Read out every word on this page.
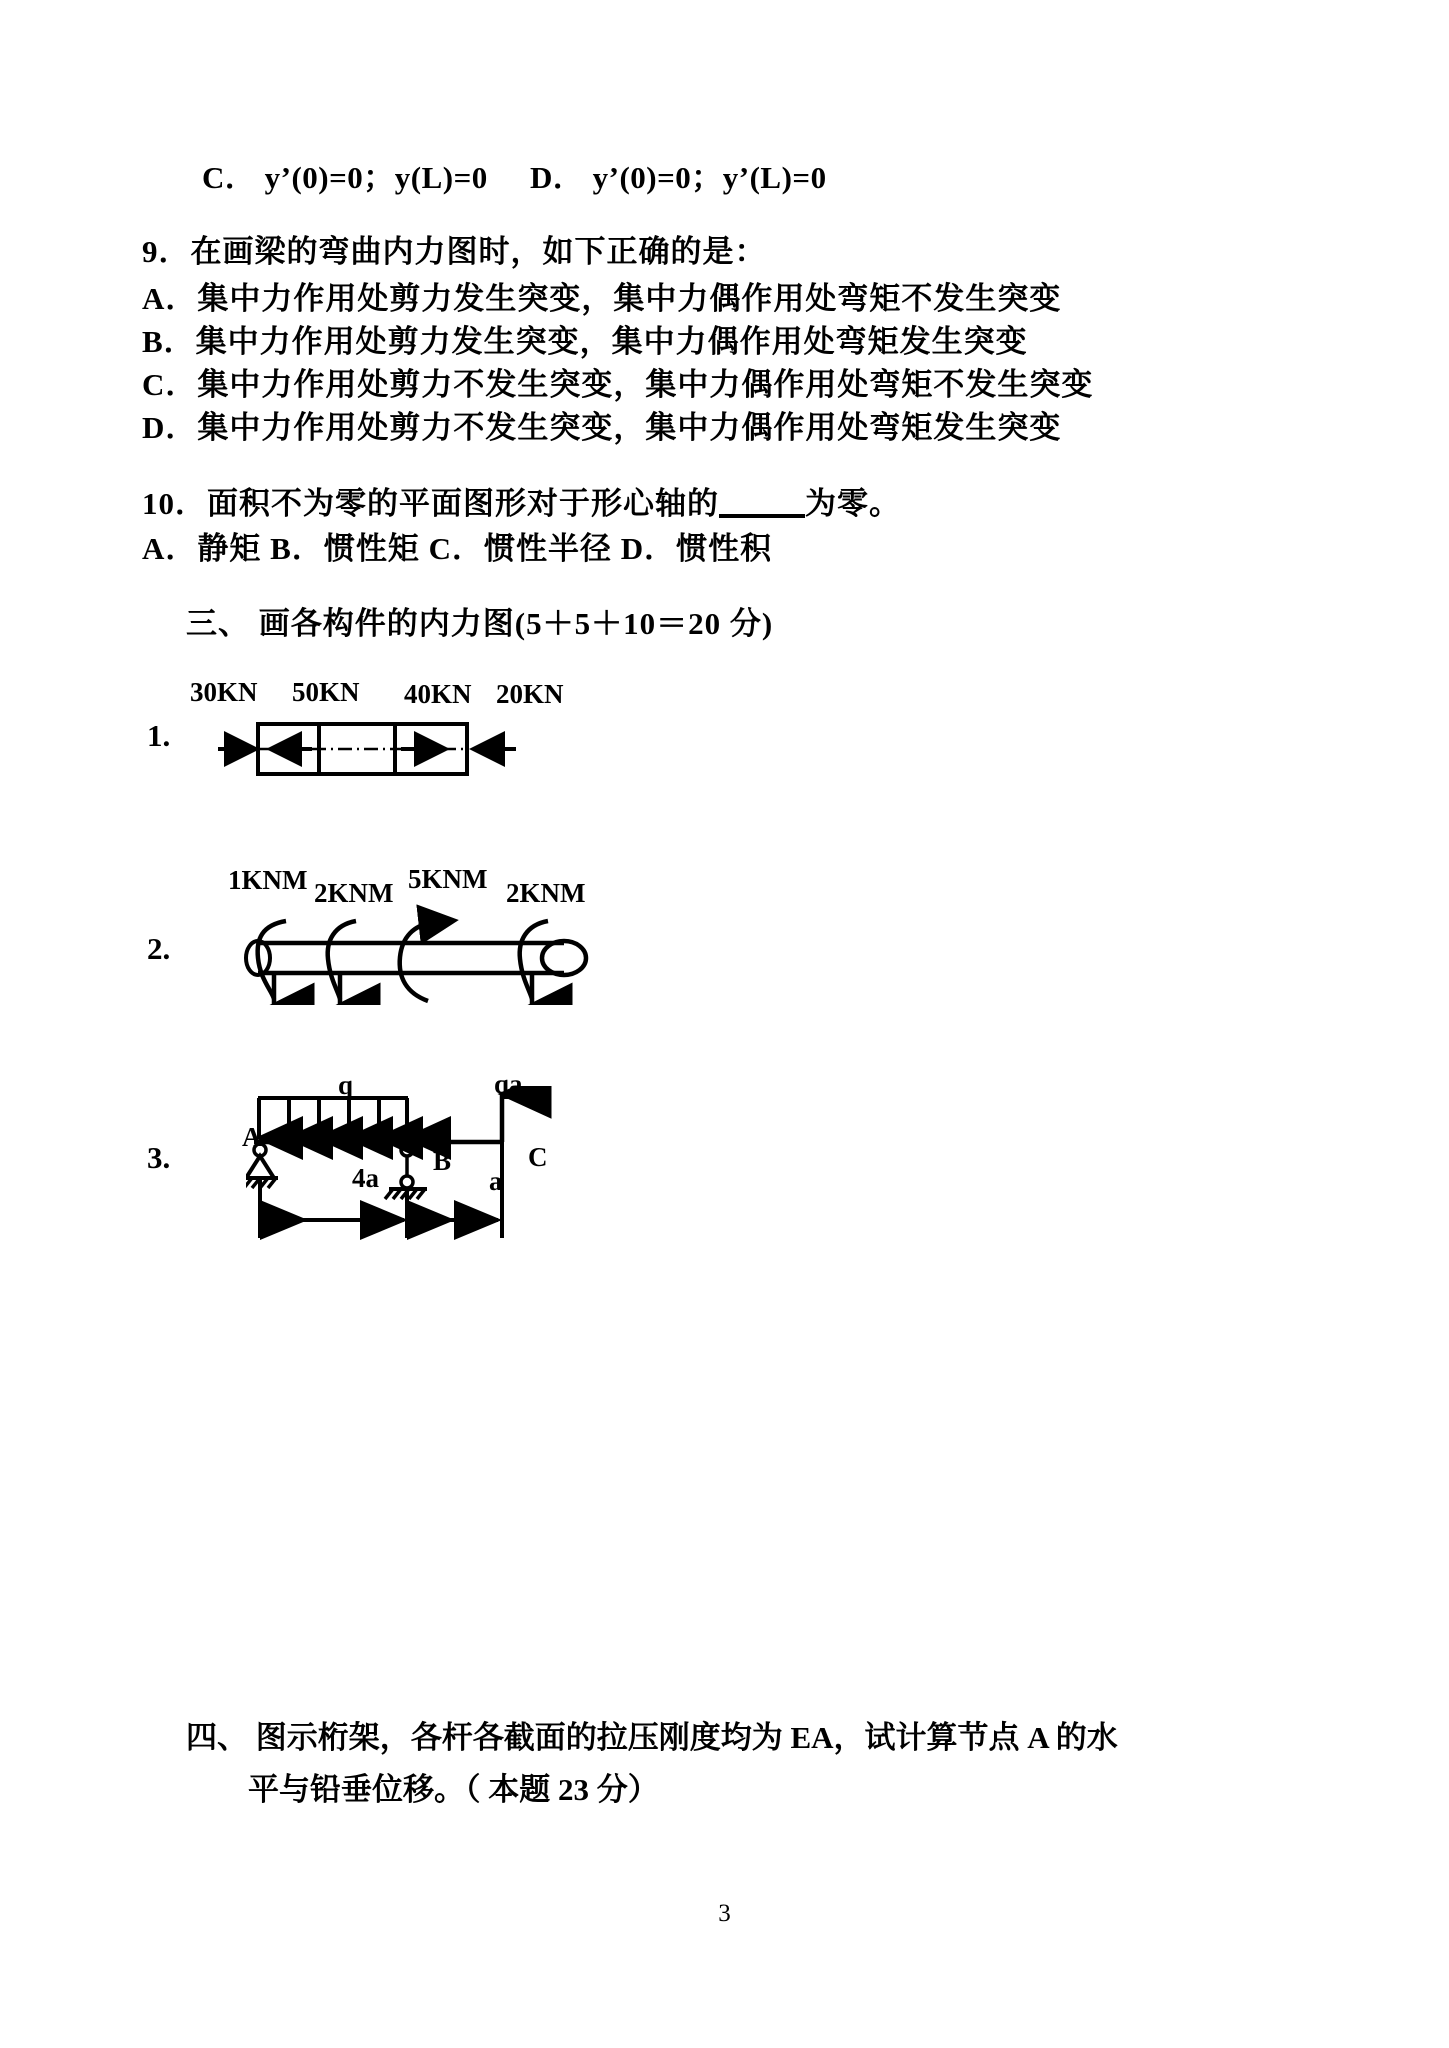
C． y’(0)=0；y(L)=0 D． y’(0)=0；y’(L)=0
9．在画梁的弯曲内力图时，如下正确的是：
A．集中力作用处剪力发生突变，集中力偶作用处弯矩不发生突变
B．集中力作用处剪力发生突变，集中力偶作用处弯矩发生突变
C．集中力作用处剪力不发生突变，集中力偶作用处弯矩不发生突变
D．集中力作用处剪力不发生突变，集中力偶作用处弯矩发生突变
10．面积不为零的平面图形对于形心轴的	为零。
A．静矩 B．惯性矩 C．惯性半径 D．惯性积
三、 画各构件的内力图(5＋5＋10＝20 分)
1.
30KN 50KN 40KN 20KN
2.
1KNM 2KNM 5KNM 2KNM
3.
q	qa
A
B	C
4a	a
四、 图示桁架，各杆各截面的拉压刚度均为 EA，试计算节点 A 的水
平与铅垂位移。（ 本题 23 分）
3
